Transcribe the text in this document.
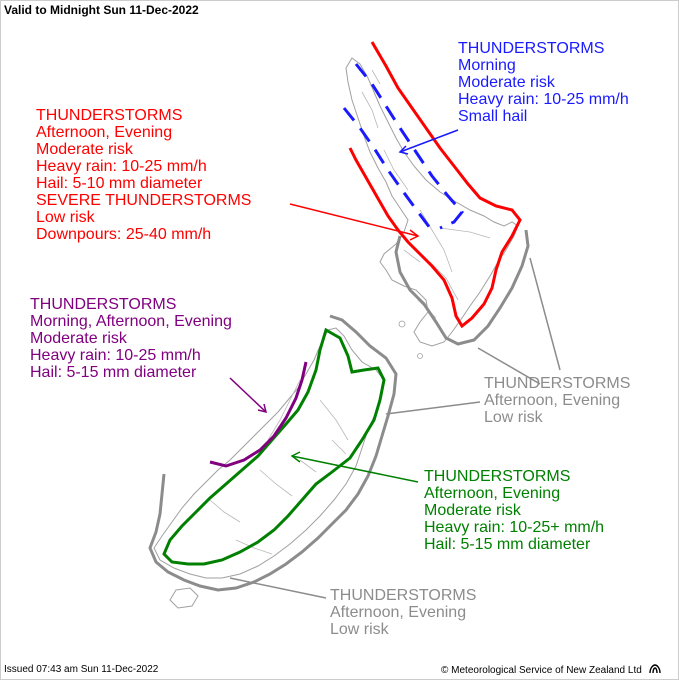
Valid to Midnight Sun 11-Dec-2022
THUNDERSTORMS
Morning
Moderate risk
Heavy rain: 10-25 mm/h
Small hail
THUNDERSTORMS
Afternoon, Evening
Moderate risk
Heavy rain: 10-25 mm/h
Hail: 5-10 mm diameter
SEVERE THUNDERSTORMS
Low risk
Downpours: 25-40 mm/h
THUNDERSTORMS
Morning, Afternoon, Evening
Moderate risk
Heavy rain: 10-25 mm/h
Hail: 5-15 mm diameter
THUNDERSTORMS
Afternoon, Evening
Low risk
THUNDERSTORMS
Afternoon, Evening
Moderate risk
Heavy rain: 10-25+ mm/h
Hail: 5-15 mm diameter
THUNDERSTORMS
Afternoon, Evening
Low risk
Issued 07:43 am Sun 11-Dec-2022	© Meteorological Service of New Zealand Ltd
